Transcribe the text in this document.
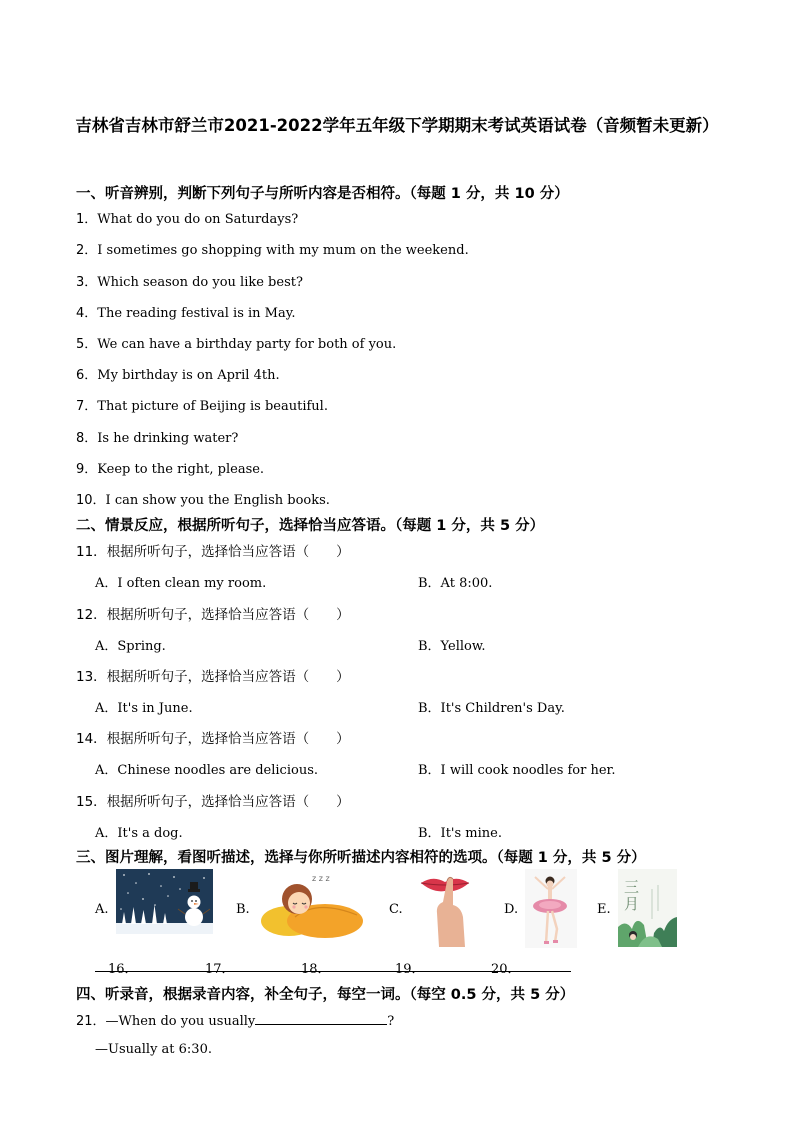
吉林省吉林市舒兰市2021-2022学年五年级下学期期末考试英语试卷（音频暂未更新）
一、听音辨别，判断下列句子与所听内容是否相符。（每题 1 分，共 10 分）
1．What do you do on Saturdays?
2．I sometimes go shopping with my mum on the weekend.
3．Which season do you like best?
4．The reading festival is in May.
5．We can have a birthday party for both of you.
6．My birthday is on April 4th.
7．That picture of Beijing is beautiful.
8．Is he drinking water?
9．Keep to the right, please.
10．I can show you the English books.
二、情景反应，根据所听句子，选择恰当应答语。（每题 1 分，共 5 分）
11．根据所听句子，选择恰当应答语（　　）
A．I often clean my room.	B．At 8:00.
12．根据所听句子，选择恰当应答语（　　）
A．Spring.	B．Yellow.
13．根据所听句子，选择恰当应答语（　　）
A．It's in June.	B．It's Children's Day.
14．根据所听句子，选择恰当应答语（　　）
A．Chinese noodles are delicious.	B．I will cook noodles for her.
15．根据所听句子，选择恰当应答语（　　）
A．It's a dog.	B．It's mine.
三、图片理解，看图听描述，选择与你所听描述内容相符的选项。（每题 1 分，共 5 分）
A.	B.
z z z
C.	D.	E.
三月
16．	17．	18．	19．	20．
四、听录音，根据录音内容，补全句子，每空一词。（每空 0.5 分，共 5 分）
21．—When do you usually	?
—Usually at 6:30.
